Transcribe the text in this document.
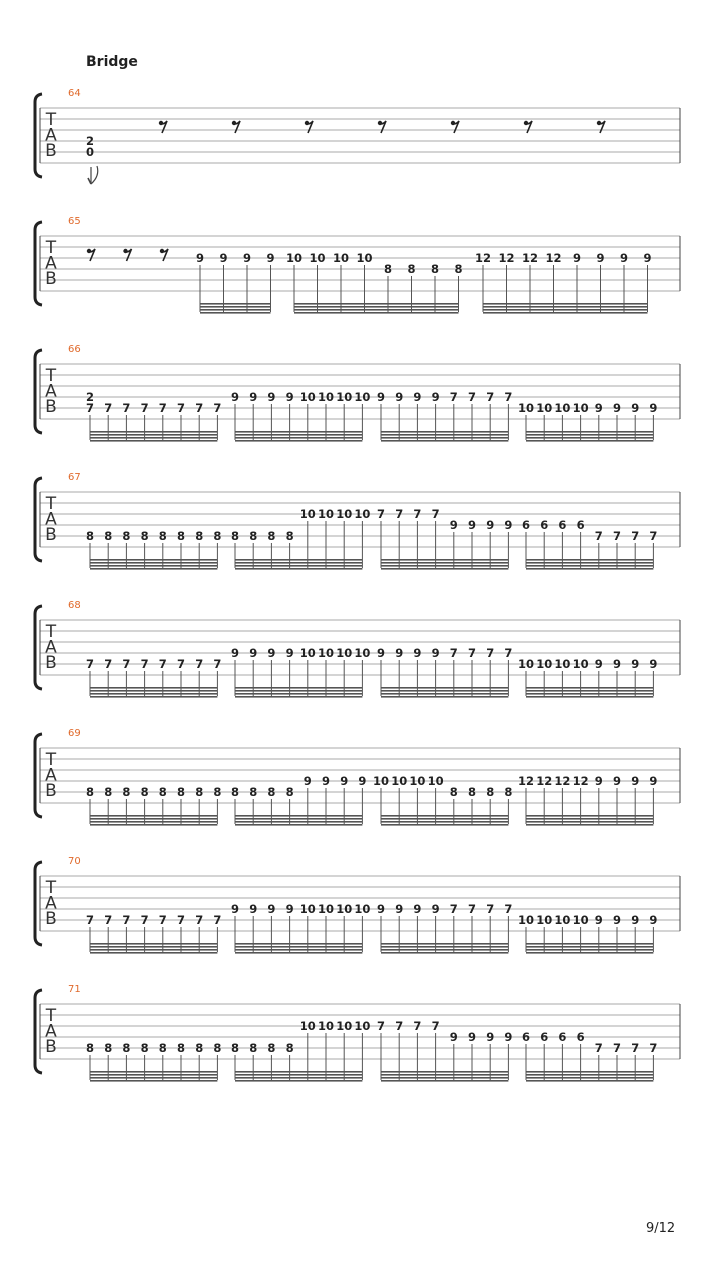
Bridge
T
A
B
64
2
0
T
A
B
65
9 9 9 9 10 10 10 10
8 8 8 8
12 12 12 12 9 9 9 9
T
A
B
66
2
7 7 7 7 7 7 7 7
9 9 9 9 10 10 10 10 9 9 9 9 7 7 7 7
10 10 10 10 9 9 9 9
T
A
B
67
8 8 8 8 8 8 8 8 8 8 8 8
10 10 10 10 7 7 7 7
9 9 9 9 6 6 6 6
7 7 7 7
T
A
B
68
7 7 7 7 7 7 7 7
9 9 9 9 10 10 10 10 9 9 9 9 7 7 7 7
10 10 10 10 9 9 9 9
T
A
B
69
8 8 8 8 8 8 8 8 8 8 8 8
9 9 9 9 10 10 10 10
8 8 8 8
12 12 12 12 9 9 9 9
T
A
B
70
7 7 7 7 7 7 7 7
9 9 9 9 10 10 10 10 9 9 9 9 7 7 7 7
10 10 10 10 9 9 9 9
T
A
B
71
8 8 8 8 8 8 8 8 8 8 8 8
10 10 10 10 7 7 7 7
9 9 9 9 6 6 6 6
7 7 7 7
9/12
